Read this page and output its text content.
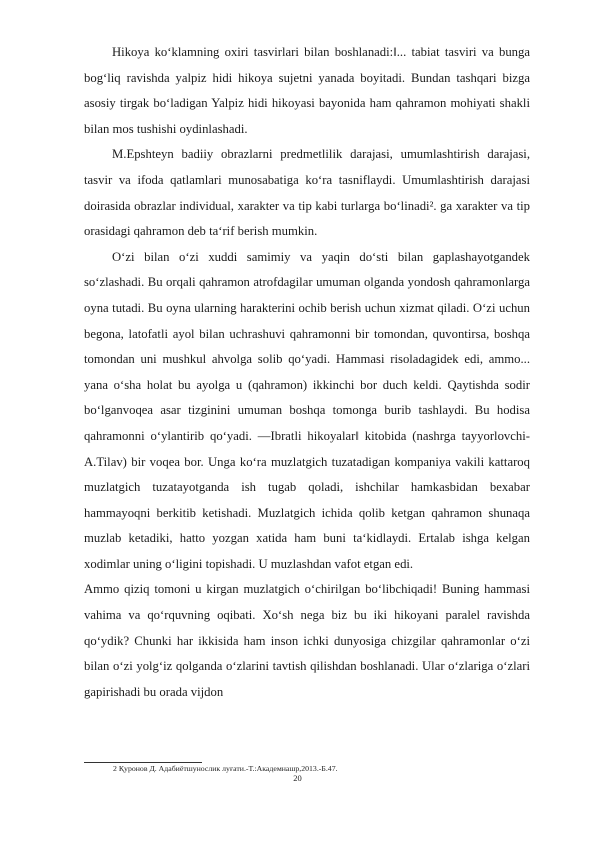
Hikoya ko‘klamning oxiri tasvirlari bilan boshlanadi:‖... tabiat tasviri va bunga bog‘liq ravishda yalpiz hidi hikoya sujetni yanada boyitadi. Bundan tashqari bizga asosiy tirgak bo‘ladigan Yalpiz hidi hikoyasi bayonida ham qahramon mohiyati shakli bilan mos tushishi oydinlashadi.

M.Epshteyn badiiy obrazlarni predmetlilik darajasi, umumlashtirish darajasi, tasvir va ifoda qatlamlari munosabatiga ko‘ra tasniflaydi. Umumlashtirish darajasi doirasida obrazlar individual, xarakter va tip kabi turlarga bo‘linadi². ga xarakter va tip orasidagi qahramon deb ta‘rif berish mumkin.

O‘zi bilan o‘zi xuddi samimiy va yaqin do‘sti bilan gaplashayotgandek so‘zlashadi. Bu orqali qahramon atrofdagilar umuman olganda yondosh qahramonlarga oyna tutadi. Bu oyna ularning harakterini ochib berish uchun xizmat qiladi. O‘zi uchun begona, latofatli ayol bilan uchrashuvi qahramonni bir tomondan, quvontirsa, boshqa tomondan uni mushkul ahvolga solib qo‘yadi. Hammasi risoladagidek edi, ammo... yana o‘sha holat bu ayolga u (qahramon) ikkinchi bor duch keldi. Qaytishda sodir bo‘lganvoqea asar tizginini umuman boshqa tomonga burib tashlaydi. Bu hodisa qahramonni o‘ylantirib qo‘yadi. —Ibratli hikoyalar‖ kitobida (nashrga tayyorlovchi- A.Tilav) bir voqea bor. Unga ko‘ra muzlatgich tuzatadigan kompaniya vakili kattaroq muzlatgich tuzatayotganda ish tugab qoladi, ishchilar hamkasbidan bexabar hammayoqni berkitib ketishadi. Muzlatgich ichida qolib ketgan qahramon shunaqa muzlab ketadiki, hatto yozgan xatida ham buni ta‘kidlaydi. Ertalab ishga kelgan xodimlar uning o‘ligini topishadi. U muzlashdan vafot etgan edi.

Ammo qiziq tomoni u kirgan muzlatgich o‘chirilgan bo‘libchiqadi! Buning hammasi vahima va qo‘rquvning oqibati. Xo‘sh nega biz bu iki hikoyani paralel ravishda qo‘ydik? Chunki har ikkisida ham inson ichki dunyosiga chizgilar qahramonlar o‘zi bilan o‘zi yolg‘iz qolganda o‘zlarini tavtish qilishdan boshlanadi. Ular o‘zlariga o‘zlari gapirishadi bu orada vijdon

2 Қуронов Д. Адабиётшунослик луғати.-Т.:Академнашр,2013.-Б.47.
20
